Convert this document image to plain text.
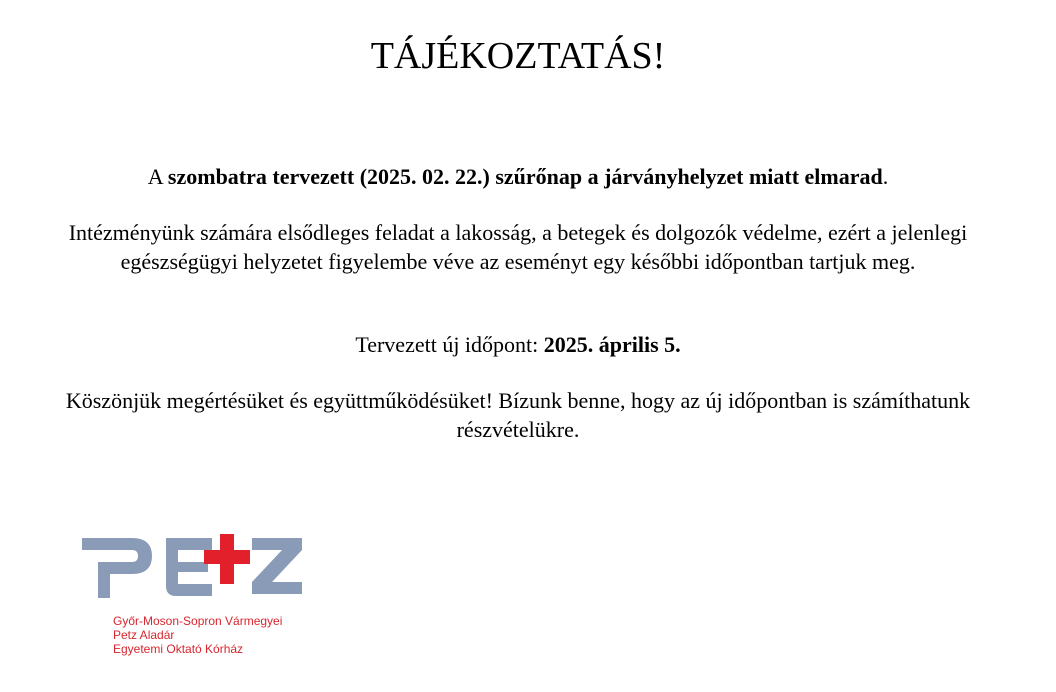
TÁJÉKOZTATÁS!

A szombatra tervezett (2025. 02. 22.) szűrőnap a járványhelyzet miatt elmarad.

Intézményünk számára elsődleges feladat a lakosság, a betegek és dolgozók védelme, ezért a jelenlegi egészségügyi helyzetet figyelembe véve az eseményt egy későbbi időpontban tartjuk meg.

Tervezett új időpont: 2025. április 5.

Köszönjük megértésüket és együttműködésüket! Bízunk benne, hogy az új időpontban is számíthatunk részvételükre.

Győr-Moson-Sopron Vármegyei
Petz Aladár
Egyetemi Oktató Kórház
